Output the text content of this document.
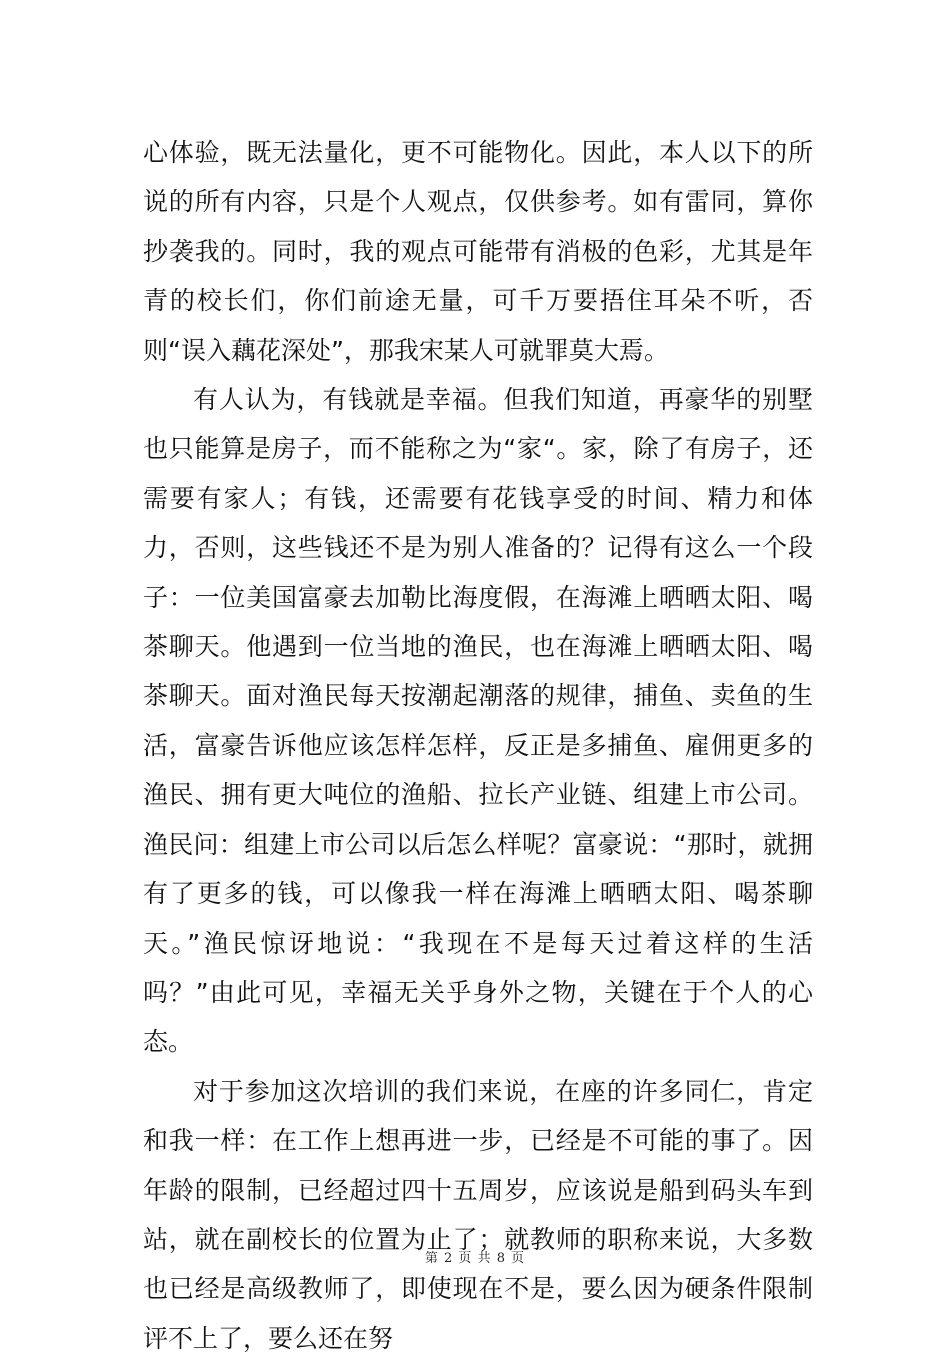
心体验，既无法量化，更不可能物化。因此，本人以下的所说的所有内容，只是个人观点，仅供参考。如有雷同，算你抄袭我的。同时，我的观点可能带有消极的色彩，尤其是年青的校长们，你们前途无量，可千万要捂住耳朵不听，否则“误入藕花深处”，那我宋某人可就罪莫大焉。

有人认为，有钱就是幸福。但我们知道，再豪华的别墅也只能算是房子，而不能称之为“家“。家，除了有房子，还需要有家人；有钱，还需要有花钱享受的时间、精力和体力，否则，这些钱还不是为别人准备的？记得有这么一个段子：一位美国富豪去加勒比海度假，在海滩上晒晒太阳、喝茶聊天。他遇到一位当地的渔民，也在海滩上晒晒太阳、喝茶聊天。面对渔民每天按潮起潮落的规律，捕鱼、卖鱼的生活，富豪告诉他应该怎样怎样，反正是多捕鱼、雇佣更多的渔民、拥有更大吨位的渔船、拉长产业链、组建上市公司。渔民问：组建上市公司以后怎么样呢？富豪说：“那时，就拥有了更多的钱，可以像我一样在海滩上晒晒太阳、喝茶聊天。”渔民惊讶地说：“我现在不是每天过着这样的生活吗？”由此可见，幸福无关乎身外之物，关键在于个人的心态。

对于参加这次培训的我们来说，在座的许多同仁，肯定和我一样：在工作上想再进一步，已经是不可能的事了。因年龄的限制，已经超过四十五周岁，应该说是船到码头车到站，就在副校长的位置为止了；就教师的职称来说，大多数也已经是高级教师了，即使现在不是，要么因为硬条件限制评不上了，要么还在努

第 2 页 共 8 页
